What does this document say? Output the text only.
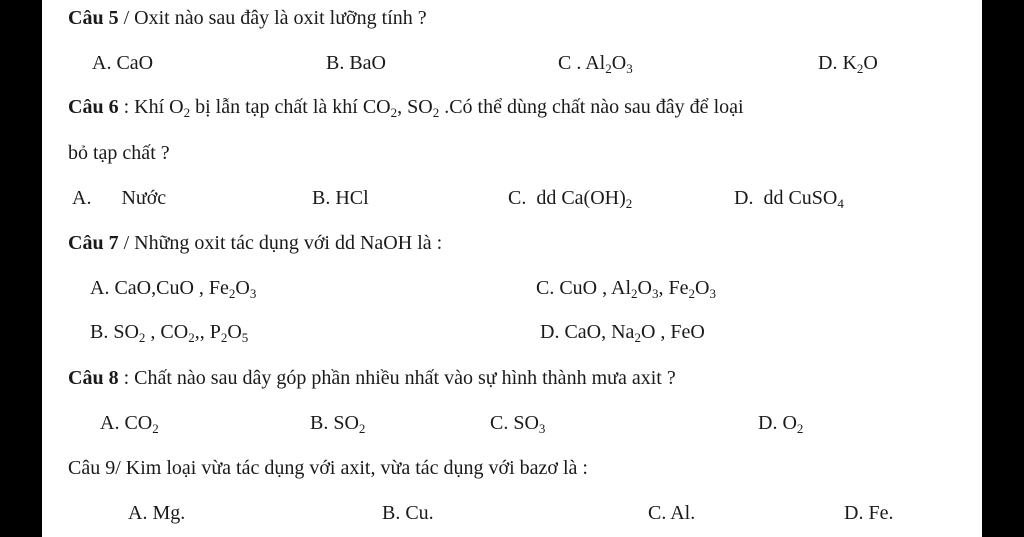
Câu 5 / Oxit nào sau đây là oxit lưỡng tính ?
A. CaO	B. BaO	C . $Al_2O_3$	D. $K_2O$
Câu 6 : Khí $O_2$ bị lẫn tạp chất là khí $CO_2$, $SO_2$ .Có thể dùng chất nào sau đây để loại
bỏ tạp chất ?
A.      Nước	B. HCl	C.  dd $Ca(OH)_2$	D.  dd CuSO$_4$
Câu 7 / Những oxit tác dụng với dd NaOH là :
A. CaO,CuO , $Fe_2O_3$	C. CuO , $Al_2O_3$, $Fe_2O_3$
B. $SO_2$ , $CO_2$,, $P_2O_5$	D. CaO, $Na_2O$ , FeO
Câu 8 : Chất nào sau dây góp phần nhiều nhất vào sự hình thành mưa axit ?
A. $CO_2$	B. $SO_2$	C. $SO_3$	D. $O_2$
Câu 9/ Kim loại vừa tác dụng với axit, vừa tác dụng với bazơ là :
A. Mg.	B. Cu.	C. Al.	D. Fe.
